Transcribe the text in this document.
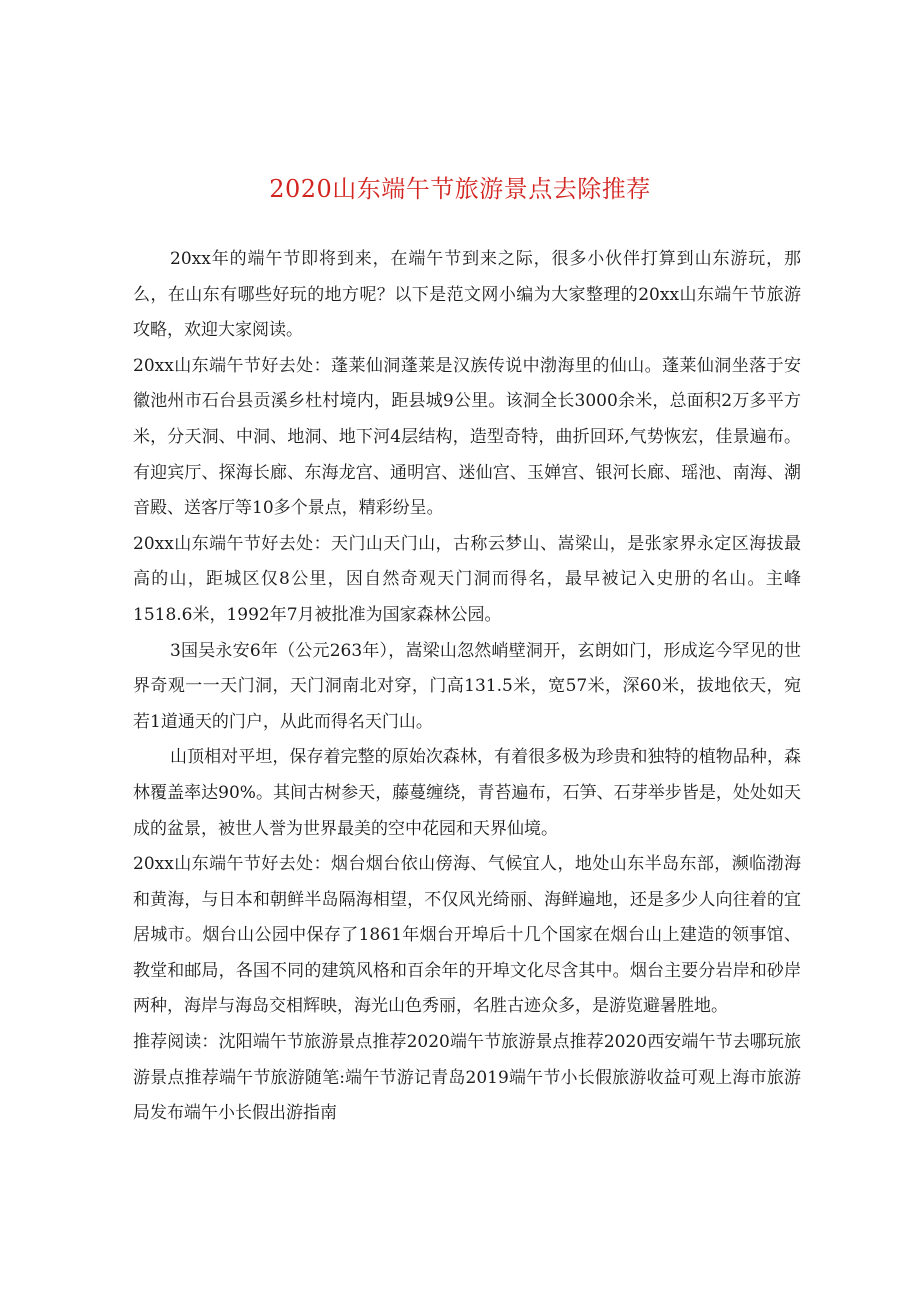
2020山东端午节旅游景点去除推荐

20xx年的端午节即将到来，在端午节到来之际，很多小伙伴打算到山东游玩，那么，在山东有哪些好玩的地方呢？以下是范文网小编为大家整理的20xx山东端午节旅游攻略，欢迎大家阅读。

20xx山东端午节好去处：蓬莱仙洞蓬莱是汉族传说中渤海里的仙山。蓬莱仙洞坐落于安徽池州市石台县贡溪乡杜村境内，距县城9公里。该洞全长3000余米，总面积2万多平方米，分天洞、中洞、地洞、地下河4层结构，造型奇特，曲折回环,气势恢宏，佳景遍布。有迎宾厅、探海长廊、东海龙宫、通明宫、迷仙宫、玉婵宫、银河长廊、瑶池、南海、潮音殿、送客厅等10多个景点，精彩纷呈。

20xx山东端午节好去处：天门山天门山，古称云梦山、嵩梁山，是张家界永定区海拔最高的山，距城区仅8公里，因自然奇观天门洞而得名，最早被记入史册的名山。主峰1518.6米，1992年7月被批准为国家森林公园。

3国吴永安6年（公元263年），嵩梁山忽然峭壁洞开，玄朗如门，形成迄今罕见的世界奇观一一天门洞，天门洞南北对穿，门高131.5米，宽57米，深60米，拔地依天，宛若1道通天的门户，从此而得名天门山。

山顶相对平坦，保存着完整的原始次森林，有着很多极为珍贵和独特的植物品种，森林覆盖率达90%。其间古树参天，藤蔓缠绕，青苔遍布，石笋、石芽举步皆是，处处如天成的盆景，被世人誉为世界最美的空中花园和天界仙境。

20xx山东端午节好去处：烟台烟台依山傍海、气候宜人，地处山东半岛东部，濒临渤海和黄海，与日本和朝鲜半岛隔海相望，不仅风光绮丽、海鲜遍地，还是多少人向往着的宜居城市。烟台山公园中保存了1861年烟台开埠后十几个国家在烟台山上建造的领事馆、教堂和邮局，各国不同的建筑风格和百余年的开埠文化尽含其中。烟台主要分岩岸和砂岸两种，海岸与海岛交相辉映，海光山色秀丽，名胜古迹众多，是游览避暑胜地。

推荐阅读：沈阳端午节旅游景点推荐2020端午节旅游景点推荐2020西安端午节去哪玩旅游景点推荐端午节旅游随笔:端午节游记青岛2019端午节小长假旅游收益可观上海市旅游局发布端午小长假出游指南
